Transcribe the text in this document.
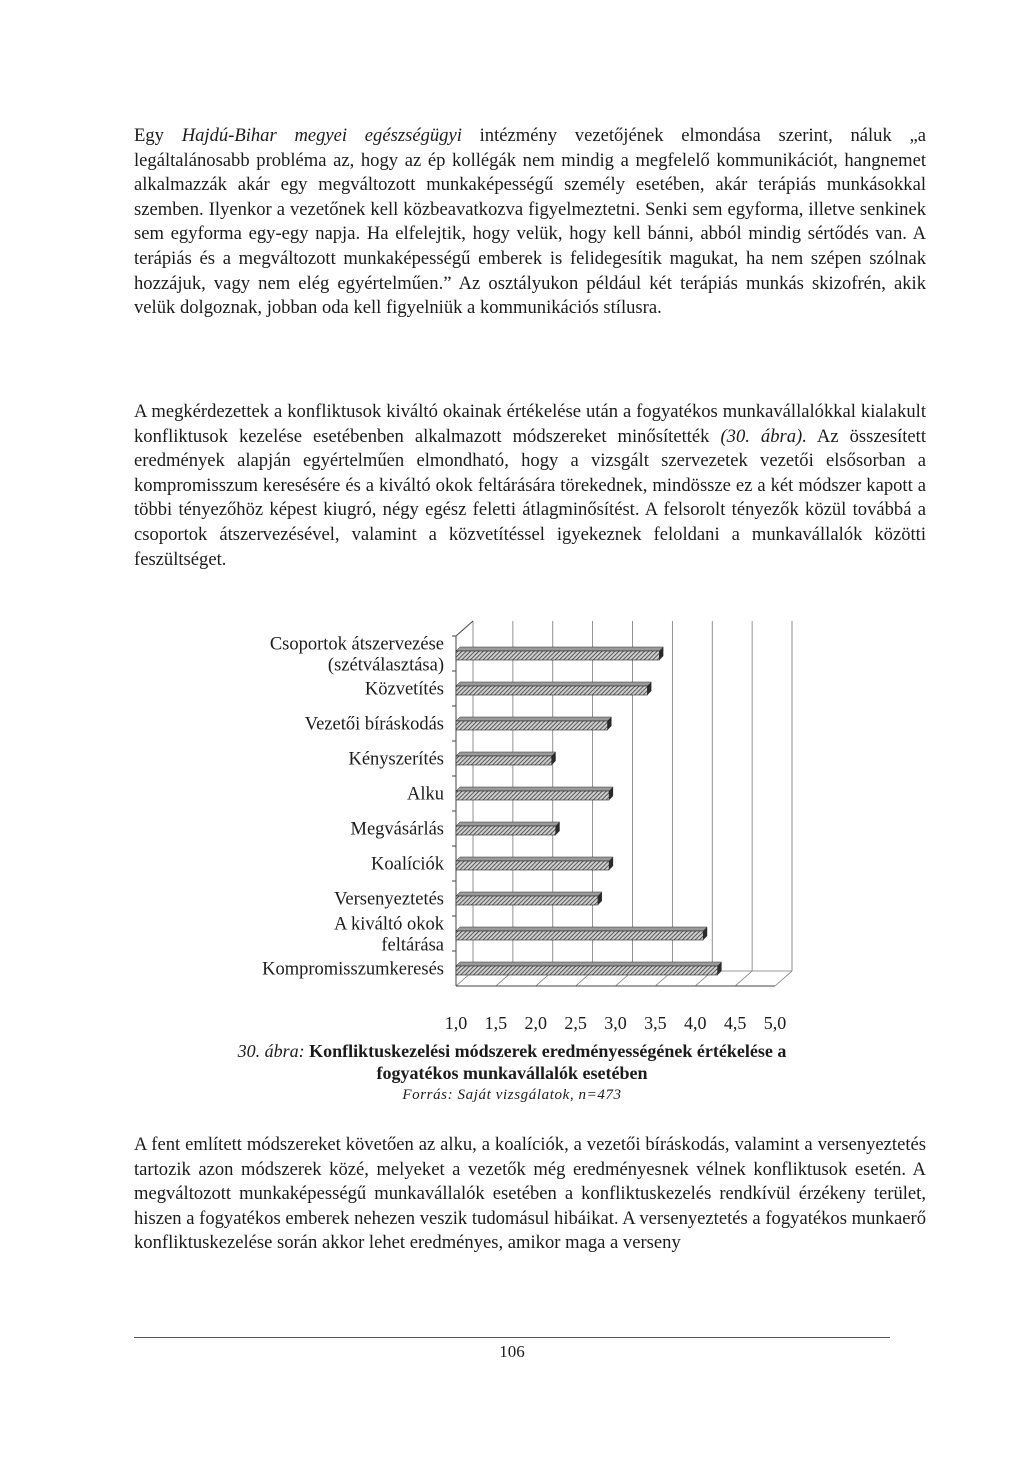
Egy Hajdú-Bihar megyei egészségügyi intézmény vezetőjének elmondása szerint, náluk „a legáltalánosabb probléma az, hogy az ép kollégák nem mindig a megfelelő kommunikációt, hangnemet alkalmazzák akár egy megváltozott munkaképességű személy esetében, akár terápiás munkásokkal szemben. Ilyenkor a vezetőnek kell közbeavatkozva figyelmeztetni. Senki sem egyforma, illetve senkinek sem egyforma egy-egy napja. Ha elfelejtik, hogy velük, hogy kell bánni, abból mindig sértődés van. A terápiás és a megváltozott munkaképességű emberek is felidegesítik magukat, ha nem szépen szólnak hozzájuk, vagy nem elég egyértelműen.” Az osztályukon például két terápiás munkás skizofrén, akik velük dolgoznak, jobban oda kell figyelniük a kommunikációs stílusra.

A megkérdezettek a konfliktusok kiváltó okainak értékelése után a fogyatékos munkavállalókkal kialakult konfliktusok kezelése esetébenben alkalmazott módszereket minősítették (30. ábra). Az összesített eredmények alapján egyértelműen elmondható, hogy a vizsgált szervezetek vezetői elsősorban a kompromisszum keresésére és a kiváltó okok feltárására törekednek, mindössze ez a két módszer kapott a többi tényezőhöz képest kiugró, négy egész feletti átlagminősítést. A felsorolt tényezők közül továbbá a csoportok átszervezésével, valamint a közvetítéssel igyekeznek feloldani a munkavállalók közötti feszültséget.

Csoportok átszervezése
(szétválasztása)
Közvetítés
Vezetői bíráskodás
Kényszerítés
Alku
Megvásárlás
Koalíciók
Versenyeztetés
A kiváltó okok
feltárása
Kompromisszumkeresés
1,0 1,5 2,0 2,5 3,0 3,5 4,0 4,5 5,0

30. ábra: Konfliktuskezelési módszerek eredményességének értékelése a

fogyatékos munkavállalók esetében

Forrás: Saját vizsgálatok, n=473

A fent említett módszereket követően az alku, a koalíciók, a vezetői bíráskodás, valamint a versenyeztetés tartozik azon módszerek közé, melyeket a vezetők még eredményesnek vélnek konfliktusok esetén. A megváltozott munkaképességű munkavállalók esetében a konfliktuskezelés rendkívül érzékeny terület, hiszen a fogyatékos emberek nehezen veszik tudomásul hibáikat. A versenyeztetés a fogyatékos munkaerő konfliktuskezelése során akkor lehet eredményes, amikor maga a verseny

106
